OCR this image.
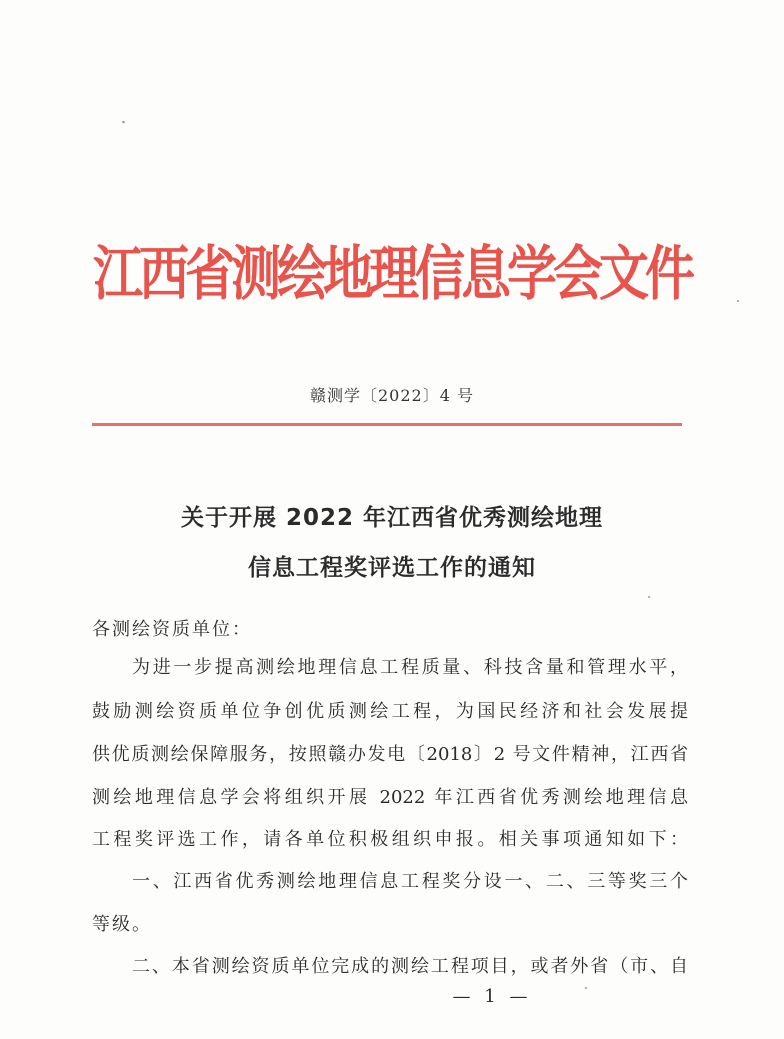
江西省测绘地理信息学会文件
赣测学〔2022〕4 号
关于开展 2022 年江西省优秀测绘地理
信息工程奖评选工作的通知
各测绘资质单位：
为进一步提高测绘地理信息工程质量、科技含量和管理水平，
鼓励测绘资质单位争创优质测绘工程，为国民经济和社会发展提
供优质测绘保障服务，按照赣办发电〔2018〕2 号文件精神，江西省
测绘地理信息学会将组织开展 2022 年江西省优秀测绘地理信息
工程奖评选工作，请各单位积极组织申报。相关事项通知如下：
一、江西省优秀测绘地理信息工程奖分设一、二、三等奖三个
等级。
二、本省测绘资质单位完成的测绘工程项目，或者外省（市、自
— 1 —
